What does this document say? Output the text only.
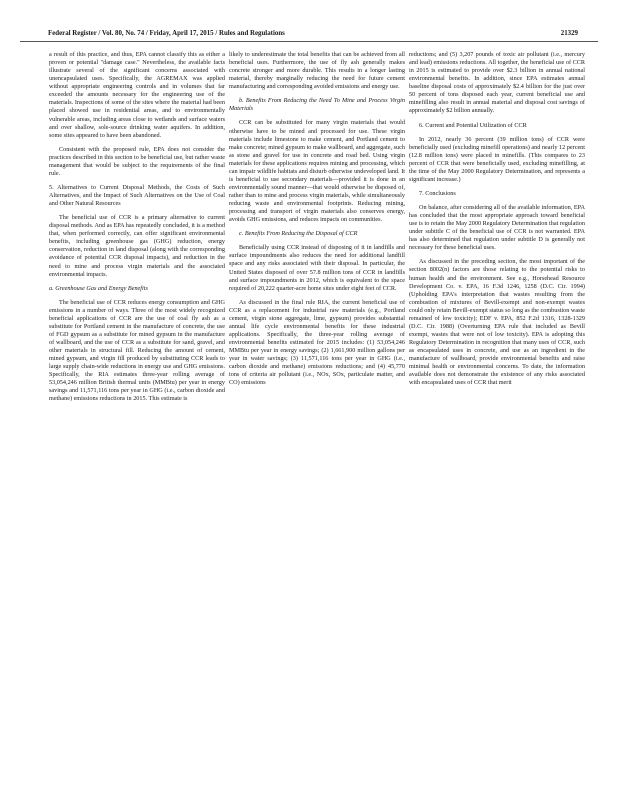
Federal Register / Vol. 80, No. 74 / Friday, April 17, 2015 / Rules and Regulations	21329

a result of this practice, and thus, EPA cannot classify this as either a proven or potential "damage case." Nevertheless, the available facts illustrate several of the significant concerns associated with unencapsulated uses. Specifically, the AGREMAX was applied without appropriate engineering controls and in volumes that far exceeded the amounts necessary for the engineering use of the materials. Inspections of some of the sites where the material had been placed showed use in residential areas, and to environmentally vulnerable areas, including areas close to wetlands and surface waters and over shallow, sole-source drinking water aquifers. In addition, some sites appeared to have been abandoned.

Consistent with the proposed rule, EPA does not consider the practices described in this section to be beneficial use, but rather waste management that would be subject to the requirements of the final rule.

5. Alternatives to Current Disposal Methods, the Costs of Such Alternatives, and the Impact of Such Alternatives on the Use of Coal and Other Natural Resources

The beneficial use of CCR is a primary alternative to current disposal methods. And as EPA has repeatedly concluded, it is a method that, when performed correctly, can offer significant environmental benefits, including greenhouse gas (GHG) reduction, energy conservation, reduction in land disposal (along with the corresponding avoidance of potential CCR disposal impacts), and reduction in the need to mine and process virgin materials and the associated environmental impacts.

a. Greenhouse Gas and Energy Benefits

The beneficial use of CCR reduces energy consumption and GHG emissions in a number of ways. Three of the most widely recognized beneficial applications of CCR are the use of coal fly ash as a substitute for Portland cement in the manufacture of concrete, the use of FGD gypsum as a substitute for mined gypsum in the manufacture of wallboard, and the use of CCR as a substitute for sand, gravel, and other materials in structural fill. Reducing the amount of cement, mined gypsum, and virgin fill produced by substituting CCR leads to large supply chain-wide reductions in energy use and GHG emissions. Specifically, the RIA estimates three-year rolling average of 53,054,246 million British thermal units (MMBtu) per year in energy savings and 11,571,116 tons per year in GHG (i.e., carbon dioxide and methane) emissions reductions in 2015. This estimate is

likely to underestimate the total benefits that can be achieved from all beneficial uses. Furthermore, the use of fly ash generally makes concrete stronger and more durable. This results in a longer lasting material, thereby marginally reducing the need for future cement manufacturing and corresponding avoided emissions and energy use.

b. Benefits From Reducing the Need To Mine and Process Virgin Materials

CCR can be substituted for many virgin materials that would otherwise have to be mined and processed for use. These virgin materials include limestone to make cement, and Portland cement to make concrete; mined gypsum to make wallboard, and aggregate, such as stone and gravel for use in concrete and road bed. Using virgin materials for these applications requires mining and processing, which can impair wildlife habitats and disturb otherwise undeveloped land. It is beneficial to use secondary materials—provided it is done in an environmentally sound manner—that would otherwise be disposed of, rather than to mine and process virgin materials, while simultaneously reducing waste and environmental footprints. Reducing mining, processing and transport of virgin materials also conserves energy, avoids GHG emissions, and reduces impacts on communities.

c. Benefits From Reducing the Disposal of CCR

Beneficially using CCR instead of disposing of it in landfills and surface impoundments also reduces the need for additional landfill space and any risks associated with their disposal. In particular, the United States disposed of over 57.8 million tons of CCR in landfills and surface impoundments in 2012, which is equivalent to the space required of 20,222 quarter-acre home sites under eight feet of CCR.

As discussed in the final rule RIA, the current beneficial use of CCR as a replacement for industrial raw materials (e.g., Portland cement, virgin stone aggregate, lime, gypsum) provides substantial annual life cycle environmental benefits for these industrial applications. Specifically, the three-year rolling average of environmental benefits estimated for 2015 includes: (1) 53,054,246 MMBtu per year in energy savings; (2) 1,661,900 million gallons per year in water savings; (3) 11,571,116 tons per year in GHG (i.e., carbon dioxide and methane) emissions reductions; and (4) 45,770 tons of criteria air pollutant (i.e., NOx, SOx, particulate matter, and CO) emissions

reductions; and (5) 3,207 pounds of toxic air pollutant (i.e., mercury and lead) emissions reductions. All together, the beneficial use of CCR in 2015 is estimated to provide over $2.3 billion in annual national environmental benefits. In addition, since EPA estimates annual baseline disposal costs of approximately $2.4 billion for the just over 50 percent of tons disposed each year, current beneficial use and minefilling also result in annual material and disposal cost savings of approximately $2 billion annually.

6. Current and Potential Utilization of CCR

In 2012, nearly 36 percent (39 million tons) of CCR were beneficially used (excluding minefill operations) and nearly 12 percent (12.8 million tons) were placed in minefills. (This compares to 23 percent of CCR that were beneficially used, excluding minefilling, at the time of the May 2000 Regulatory Determination, and represents a significant increase.)

7. Conclusions

On balance, after considering all of the available information, EPA has concluded that the most appropriate approach toward beneficial use is to retain the May 2000 Regulatory Determination that regulation under subtitle C of the beneficial use of CCR is not warranted. EPA has also determined that regulation under subtitle D is generally not necessary for these beneficial uses.

As discussed in the preceding section, the most important of the section 8002(n) factors are those relating to the potential risks to human health and the environment. See e.g., Horsehead Resource Development Co. v. EPA, 16 F.3d 1246, 1258 (D.C. Cir. 1994) (Upholding EPA's interpretation that wastes resulting from the combustion of mixtures of Bevill-exempt and non-exempt wastes could only retain Bevill-exempt status so long as the combustion waste remained of low toxicity); EDF v. EPA, 852 F.2d 1316, 1328-1329 (D.C. Cir. 1988) (Overturning EPA rule that included as Bevill exempt, wastes that were not of low toxicity). EPA is adopting this Regulatory Determination in recognition that many uses of CCR, such as encapsulated uses in concrete, and use as an ingredient in the manufacture of wallboard, provide environmental benefits and raise minimal health or environmental concerns. To date, the information available does not demonstrate the existence of any risks associated with encapsulated uses of CCR that merit
